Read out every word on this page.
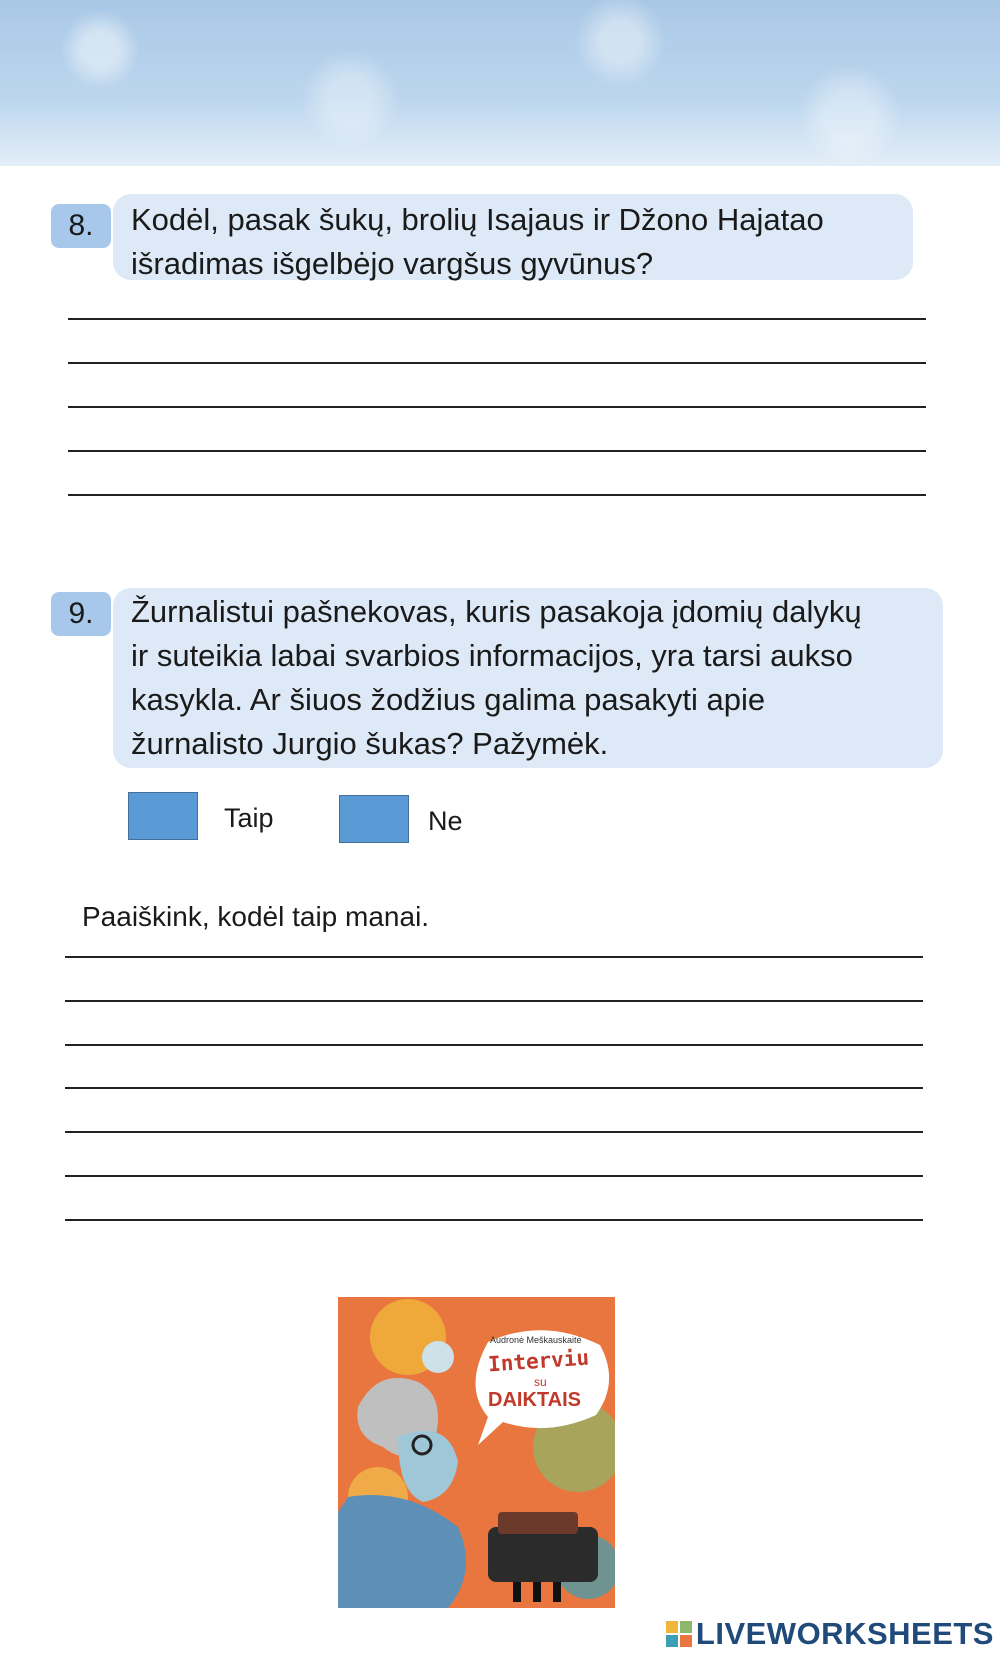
8.	Kodėl, pasak šukų, brolių Isajaus ir Džono Hajatao
išradimas išgelbėjo vargšus gyvūnus?
9.	Žurnalistui pašnekovas, kuris pasakoja įdomių dalykų
ir suteikia labai svarbios informacijos, yra tarsi aukso
kasykla. Ar šiuos žodžius galima pasakyti apie
žurnalisto Jurgio šukas? Pažymėk.
Taip	Ne
Paaiškink, kodėl taip manai.
Audronė Meškauskaitė
Interviu
su
DAIKTAIS
LIVEWORKSHEETS
